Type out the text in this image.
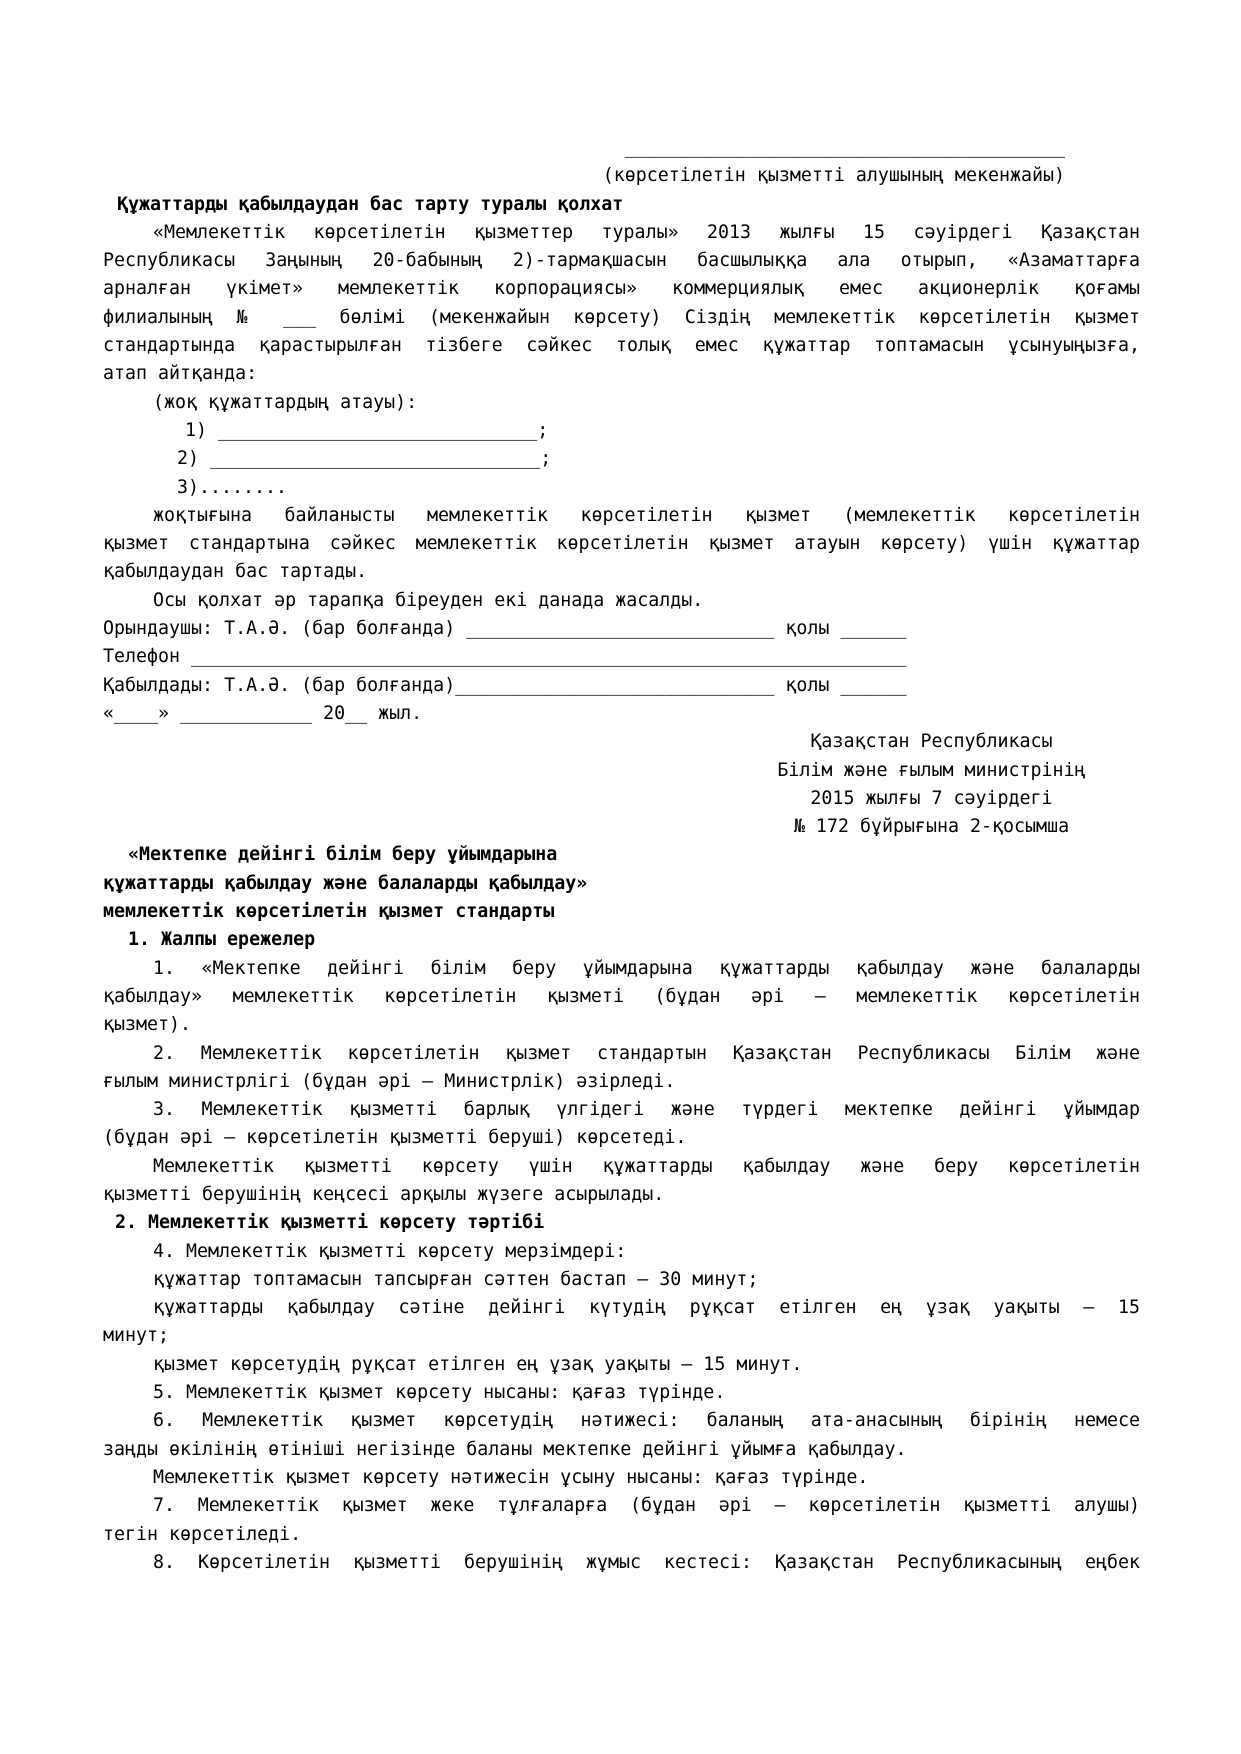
________________________________________
(көрсетілетін қызметті алушының мекенжайы)
Құжаттарды қабылдаудан бас тарту туралы қолхат
«Мемлекеттік көрсетілетін қызметтер туралы» 2013 жылғы 15 сәуірдегі Қазақстан
Республикасы Заңының 20-бабының 2)-тармақшасын басшылыққа ала отырып, «Азаматтарға
арналған үкімет» мемлекеттік корпорациясы» коммерциялық емес акционерлік қоғамы
филиалының № ___ бөлімі (мекенжайын көрсету) Сіздің мемлекеттік көрсетілетін қызмет
стандартында қарастырылған тізбеге сәйкес толық емес құжаттар топтамасын ұсынуыңызға,
атап айтқанда:
(жоқ құжаттардың атауы):
1) _____________________________;
2) ______________________________;
3)........
жоқтығына байланысты мемлекеттік көрсетілетін қызмет (мемлекеттік көрсетілетін
қызмет стандартына сәйкес мемлекеттік көрсетілетін қызмет атауын көрсету) үшін құжаттар
қабылдаудан бас тартады.
Осы қолхат әр тарапқа біреуден екі данада жасалды.
Орындаушы: Т.А.Ә. (бар болғанда) ____________________________ қолы ______
Телефон _________________________________________________________________
Қабылдады: Т.А.Ә. (бар болғанда)_____________________________ қолы ______
«____» ____________ 20__ жыл.
Қазақстан Республикасы
Білім және ғылым министрінің
2015 жылғы 7 сәуірдегі
№ 172 бұйрығына 2-қосымша
«Мектепке дейінгі білім беру ұйымдарына
құжаттарды қабылдау және балаларды қабылдау»
мемлекеттік көрсетілетін қызмет стандарты
1. Жалпы ережелер
1. «Мектепке дейінгі білім беру ұйымдарына құжаттарды қабылдау және балаларды
қабылдау» мемлекеттік көрсетілетін қызметі (бұдан әрі – мемлекеттік көрсетілетін
қызмет).
2. Мемлекеттік көрсетілетін қызмет стандартын Қазақстан Республикасы Білім және
ғылым министрлігі (бұдан әрі – Министрлік) әзірледі.
3. Мемлекеттік қызметті барлық үлгідегі және түрдегі мектепке дейінгі ұйымдар
(бұдан әрі – көрсетілетін қызметті беруші) көрсетеді.
Мемлекеттік қызметті көрсету үшін құжаттарды қабылдау және беру көрсетілетін
қызметті берушінің кеңсесі арқылы жүзеге асырылады.
2. Мемлекеттік қызметті көрсету тәртібі
4. Мемлекеттік қызметті көрсету мерзімдері:
құжаттар топтамасын тапсырған сәттен бастап – 30 минут;
құжаттарды қабылдау сәтіне дейінгі күтудің рұқсат етілген ең ұзақ уақыты – 15
минут;
қызмет көрсетудің рұқсат етілген ең ұзақ уақыты – 15 минут.
5. Мемлекеттік қызмет көрсету нысаны: қағаз түрінде.
6. Мемлекеттік қызмет көрсетудің нәтижесі: баланың ата-анасының бірінің немесе
заңды өкілінің өтініші негізінде баланы мектепке дейінгі ұйымға қабылдау.
Мемлекеттік қызмет көрсету нәтижесін ұсыну нысаны: қағаз түрінде.
7. Мемлекеттік қызмет жеке тұлғаларға (бұдан әрі – көрсетілетін қызметті алушы)
тегін көрсетіледі.
8. Көрсетілетін қызметті берушінің жұмыс кестесі: Қазақстан Республикасының еңбек
